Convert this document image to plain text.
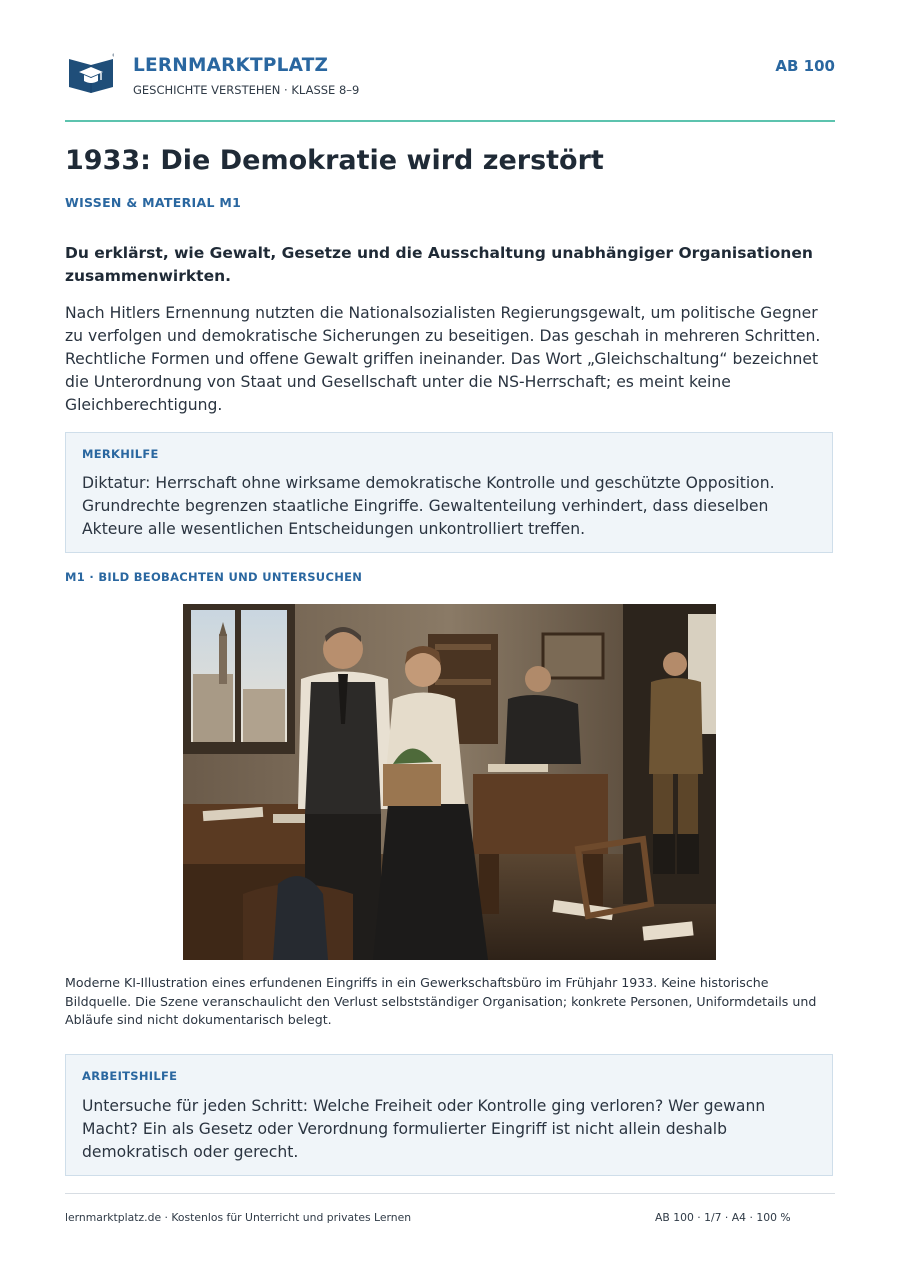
LERNMARKTPLATZ
GESCHICHTE VERSTEHEN · KLASSE 8–9
AB 100
1933: Die Demokratie wird zerstört
WISSEN & MATERIAL M1

Du erklärst, wie Gewalt, Gesetze und die Ausschaltung unabhängiger Organisationen zusammenwirkten.

Nach Hitlers Ernennung nutzten die Nationalsozialisten Regierungsgewalt, um politische Gegner zu verfolgen und demokratische Sicherungen zu beseitigen. Das geschah in mehreren Schritten. Rechtliche Formen und offene Gewalt griffen ineinander. Das Wort „Gleichschaltung“ bezeichnet die Unterordnung von Staat und Gesellschaft unter die NS-Herrschaft; es meint keine Gleichberechtigung.

MERKHILFE

Diktatur: Herrschaft ohne wirksame demokratische Kontrolle und geschützte Opposition. Grundrechte begrenzen staatliche Eingriffe. Gewaltenteilung verhindert, dass dieselben Akteure alle wesentlichen Entscheidungen unkontrolliert treffen.

M1 · BILD BEOBACHTEN UND UNTERSUCHEN

Moderne KI-Illustration eines erfundenen Eingriffs in ein Gewerkschaftsbüro im Frühjahr 1933. Keine historische Bildquelle. Die Szene veranschaulicht den Verlust selbstständiger Organisation; konkrete Personen, Uniformdetails und Abläufe sind nicht dokumentarisch belegt.

ARBEITSHILFE

Untersuche für jeden Schritt: Welche Freiheit oder Kontrolle ging verloren? Wer gewann Macht? Ein als Gesetz oder Verordnung formulierter Eingriff ist nicht allein deshalb demokratisch oder gerecht.

lernmarktplatz.de · Kostenlos für Unterricht und privates Lernen	AB 100 · 1/7 · A4 · 100 %
